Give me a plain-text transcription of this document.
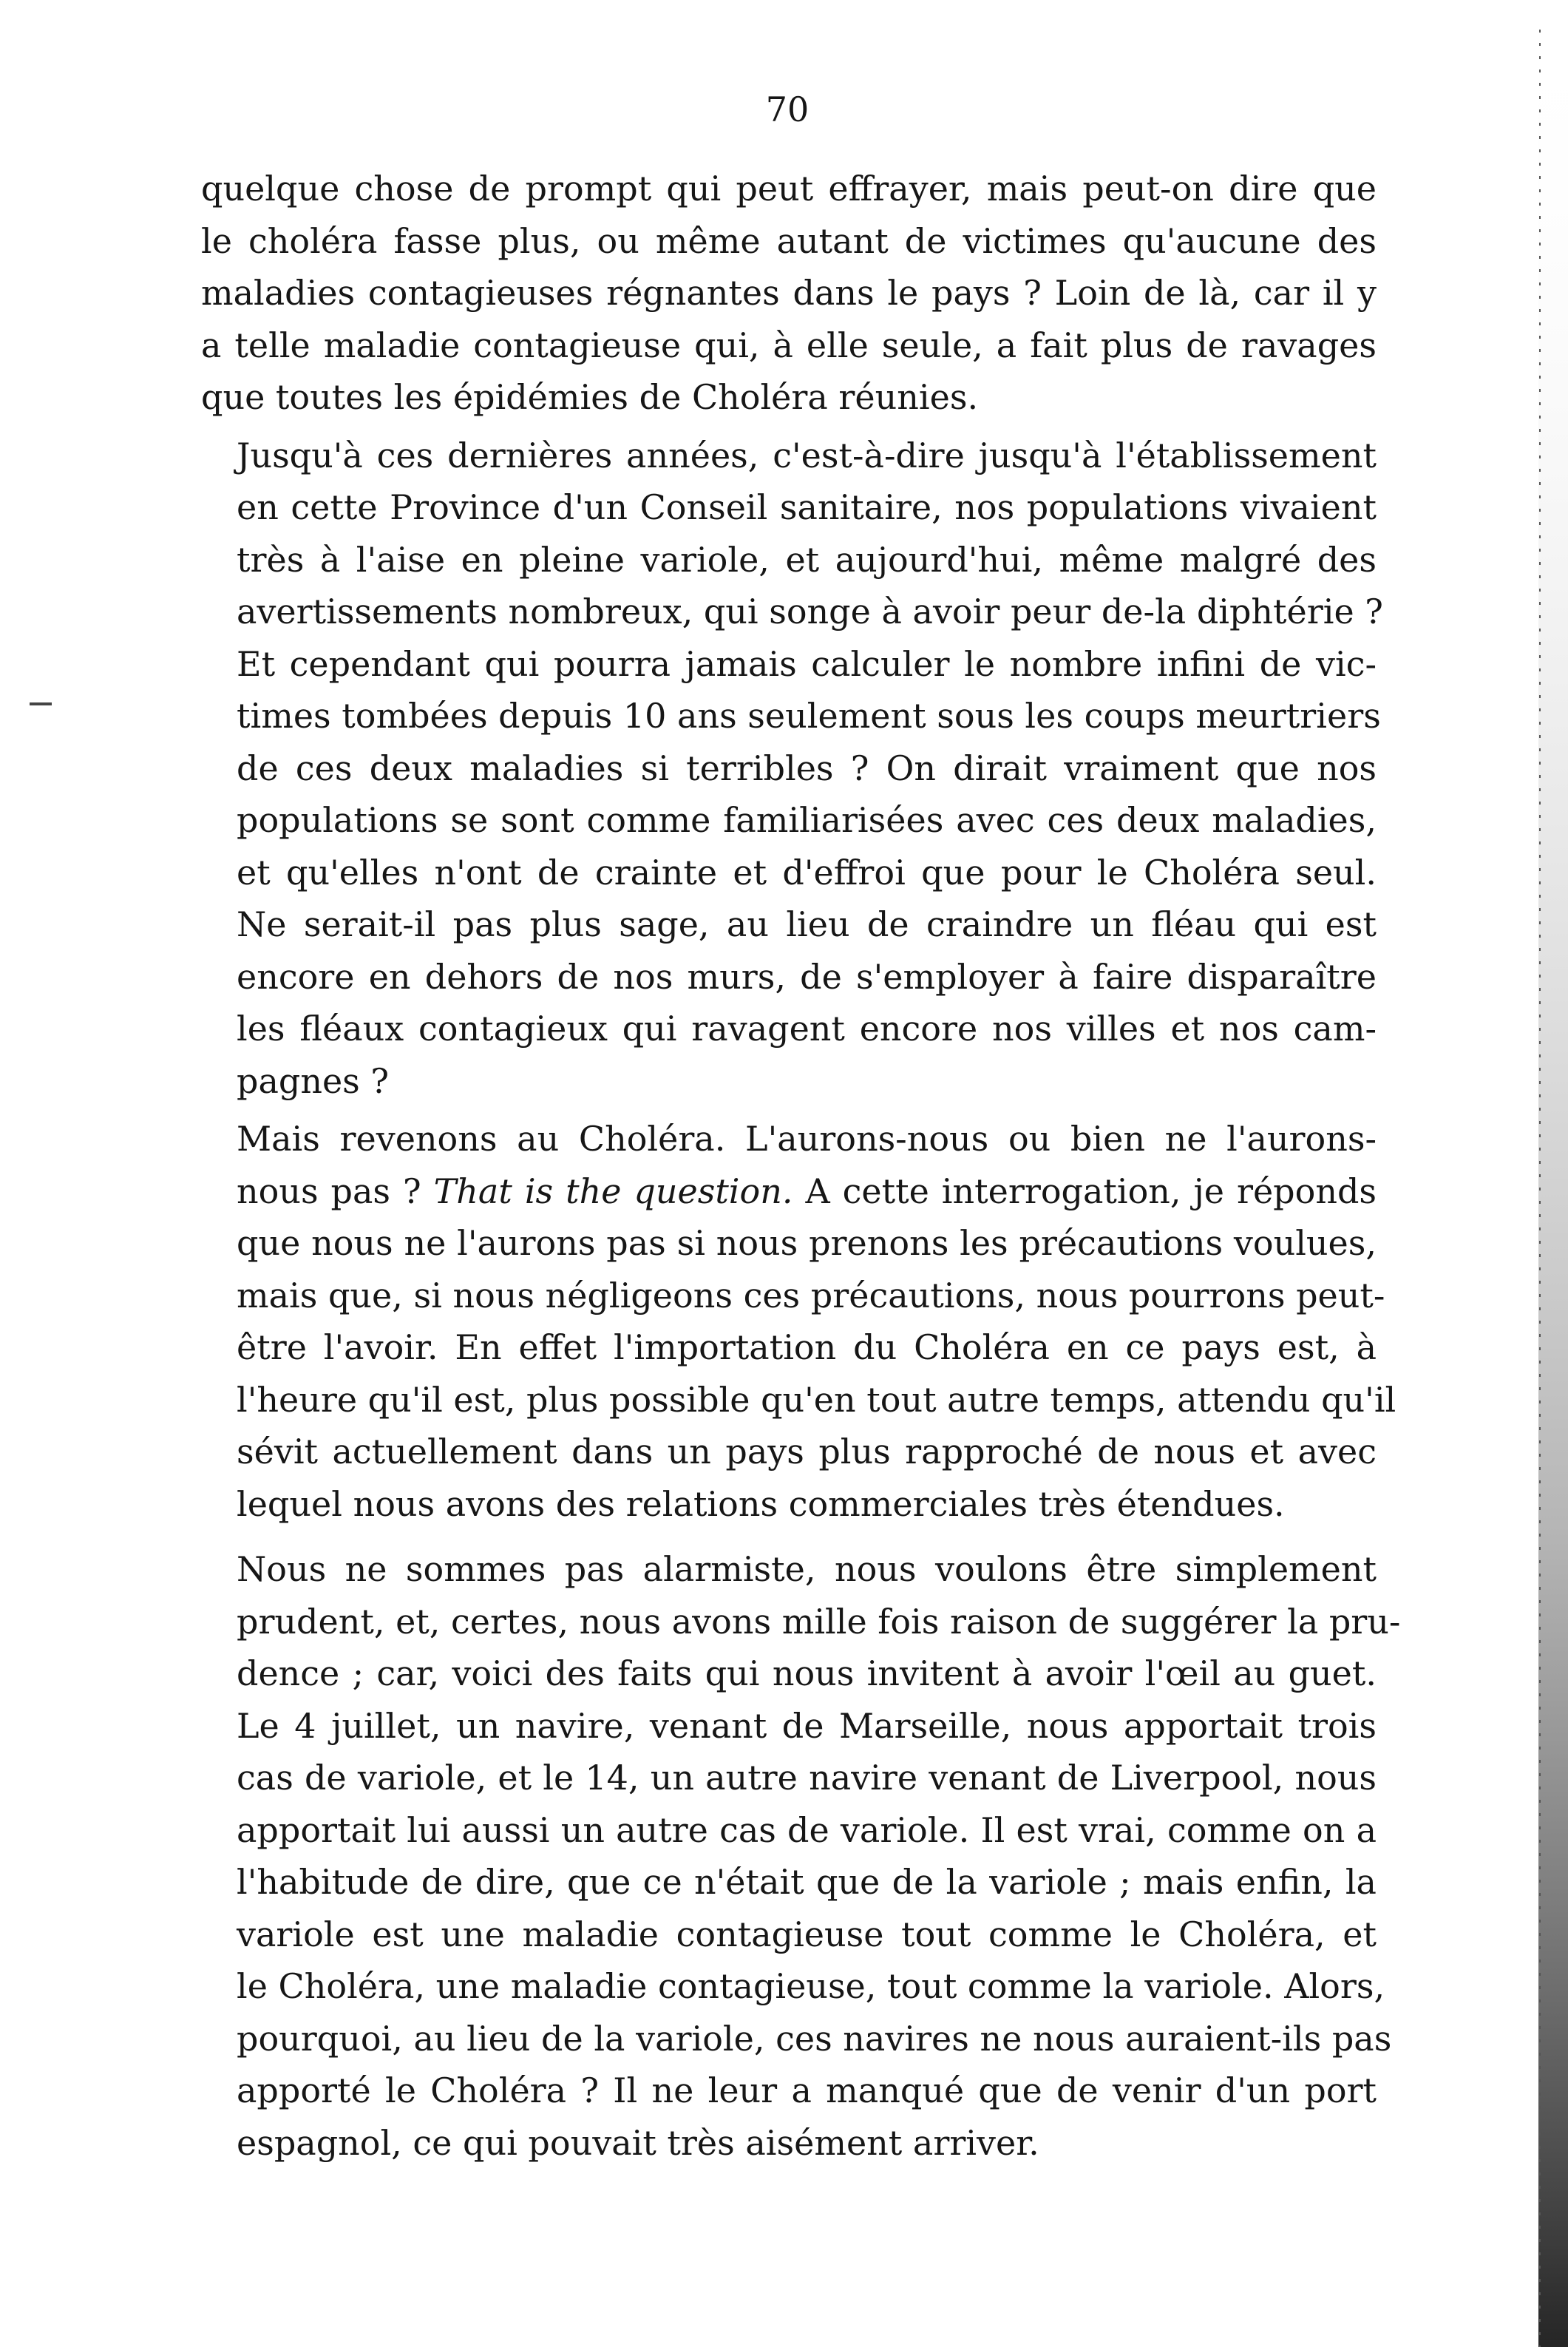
70
quelque chose de prompt qui peut effrayer, mais peut-on dire que
le choléra fasse plus, ou même autant de victimes qu'aucune des
maladies contagieuses régnantes dans le pays ? Loin de là, car il y
a telle maladie contagieuse qui, à elle seule, a fait plus de ravages
que toutes les épidémies de Choléra réunies.
Jusqu'à ces dernières années, c'est-à-dire jusqu'à l'établissement
en cette Province d'un Conseil sanitaire, nos populations vivaient
très à l'aise en pleine variole, et aujourd'hui, même malgré des
avertissements nombreux, qui songe à avoir peur de-la diphtérie ?
Et cependant qui pourra jamais calculer le nombre infini de vic-
times tombées depuis 10 ans seulement sous les coups meurtriers
de ces deux maladies si terribles ? On dirait vraiment que nos
populations se sont comme familiarisées avec ces deux maladies,
et qu'elles n'ont de crainte et d'effroi que pour le Choléra seul.
Ne serait-il pas plus sage, au lieu de craindre un fléau qui est
encore en dehors de nos murs, de s'employer à faire disparaître
les fléaux contagieux qui ravagent encore nos villes et nos cam-
pagnes ?
Mais revenons au Choléra. L'aurons-nous ou bien ne l'aurons-
nous pas ? That is the question. A cette interrogation, je réponds
que nous ne l'aurons pas si nous prenons les précautions voulues,
mais que, si nous négligeons ces précautions, nous pourrons peut-
être l'avoir. En effet l'importation du Choléra en ce pays est, à
l'heure qu'il est, plus possible qu'en tout autre temps, attendu qu'il
sévit actuellement dans un pays plus rapproché de nous et avec
lequel nous avons des relations commerciales très étendues.
Nous ne sommes pas alarmiste, nous voulons être simplement
prudent, et, certes, nous avons mille fois raison de suggérer la pru-
dence ; car, voici des faits qui nous invitent à avoir l'œil au guet.
Le 4 juillet, un navire, venant de Marseille, nous apportait trois
cas de variole, et le 14, un autre navire venant de Liverpool, nous
apportait lui aussi un autre cas de variole. Il est vrai, comme on a
l'habitude de dire, que ce n'était que de la variole ; mais enfin, la
variole est une maladie contagieuse tout comme le Choléra, et
le Choléra, une maladie contagieuse, tout comme la variole. Alors,
pourquoi, au lieu de la variole, ces navires ne nous auraient-ils pas
apporté le Choléra ? Il ne leur a manqué que de venir d'un port
espagnol, ce qui pouvait très aisément arriver.
